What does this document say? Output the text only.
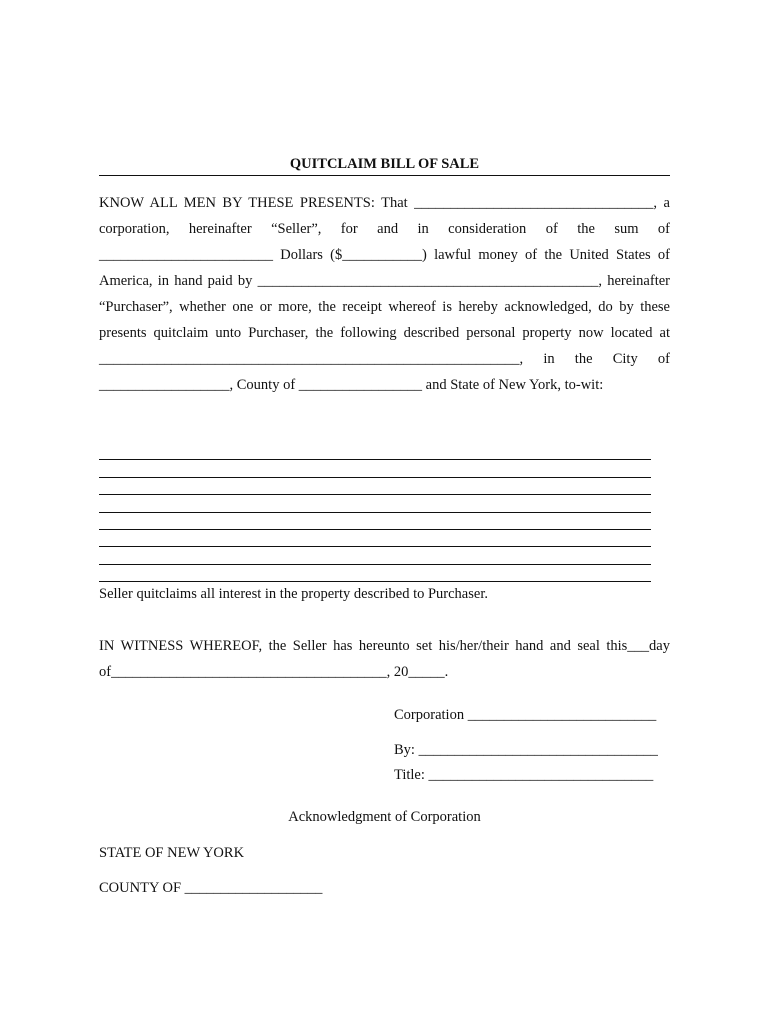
QUITCLAIM BILL OF SALE

KNOW ALL MEN BY THESE PRESENTS: That _________________________________, a corporation, hereinafter “Seller”, for and in consideration of the sum of ________________________ Dollars ($___________) lawful money of the United States of America, in hand paid by _______________________________________________, hereinafter “Purchaser”, whether one or more, the receipt whereof is hereby acknowledged, do by these presents quitclaim unto Purchaser, the following described personal property now located at __________________________________________________________, in the City of __________________, County of _________________ and State of New York, to-wit:

Seller quitclaims all interest in the property described to Purchaser.

IN WITNESS WHEREOF, the Seller has hereunto set his/her/their hand and seal this___day of______________________________________, 20_____.

Corporation __________________________

By: _________________________________

Title: _______________________________

Acknowledgment of Corporation

STATE OF NEW YORK

COUNTY OF ___________________
